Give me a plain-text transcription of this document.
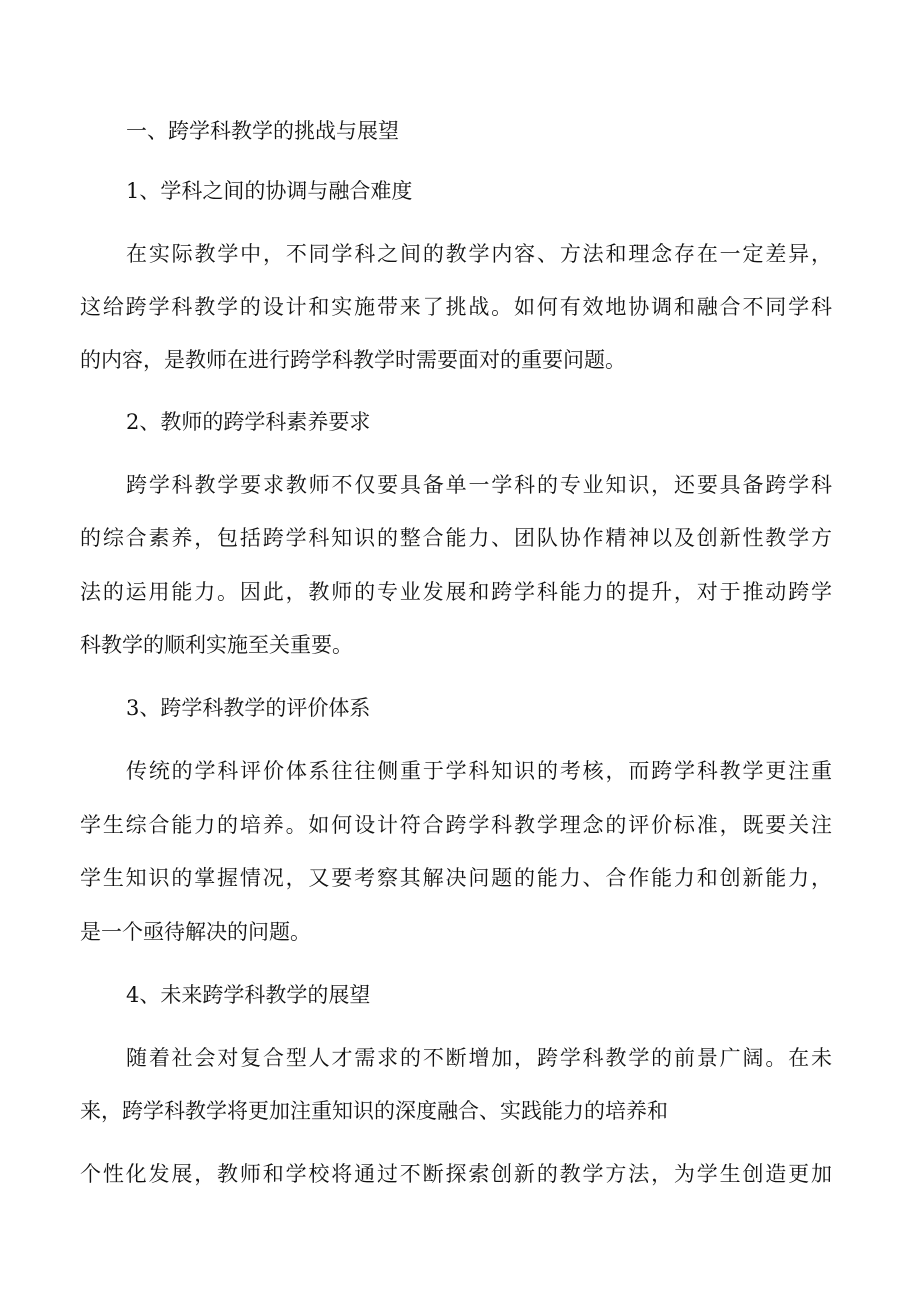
一、跨学科教学的挑战与展望
1、学科之间的协调与融合难度
在实际教学中，不同学科之间的教学内容、方法和理念存在一定差异，
这给跨学科教学的设计和实施带来了挑战。如何有效地协调和融合不同学科
的内容，是教师在进行跨学科教学时需要面对的重要问题。
2、教师的跨学科素养要求
跨学科教学要求教师不仅要具备单一学科的专业知识，还要具备跨学科
的综合素养，包括跨学科知识的整合能力、团队协作精神以及创新性教学方
法的运用能力。因此，教师的专业发展和跨学科能力的提升，对于推动跨学
科教学的顺利实施至关重要。
3、跨学科教学的评价体系
传统的学科评价体系往往侧重于学科知识的考核，而跨学科教学更注重
学生综合能力的培养。如何设计符合跨学科教学理念的评价标准，既要关注
学生知识的掌握情况，又要考察其解决问题的能力、合作能力和创新能力，
是一个亟待解决的问题。
4、未来跨学科教学的展望
随着社会对复合型人才需求的不断增加，跨学科教学的前景广阔。在未
来，跨学科教学将更加注重知识的深度融合、实践能力的培养和
个性化发展，教师和学校将通过不断探索创新的教学方法，为学生创造更加
